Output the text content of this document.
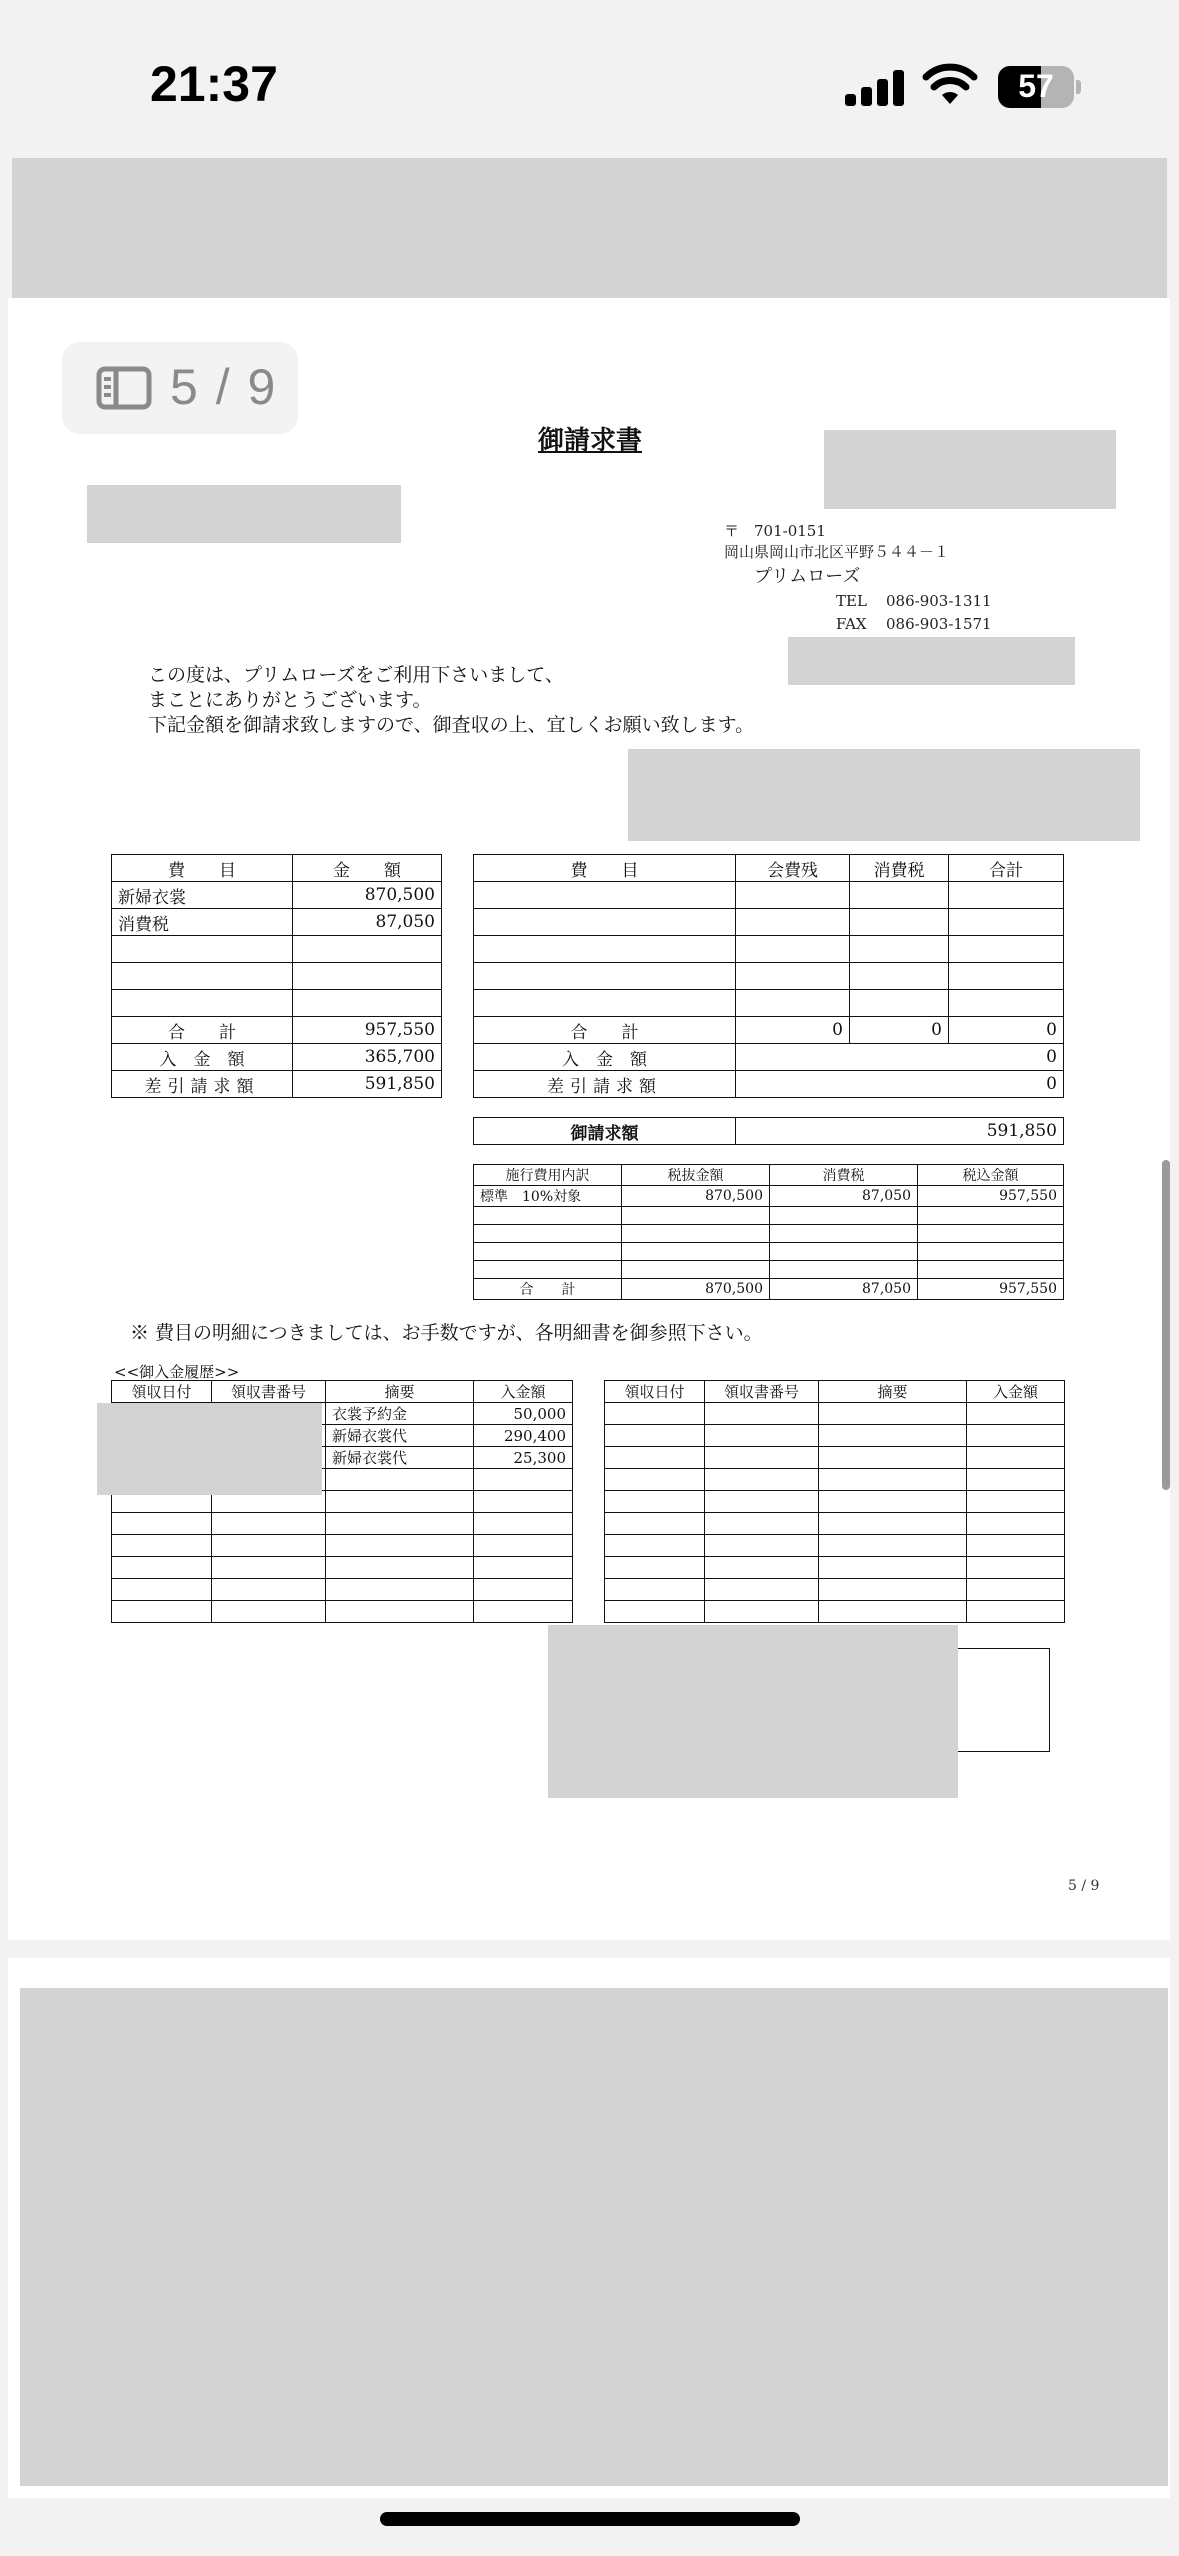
21:37	57
5 / 9
御請求書
〒　701-0151
岡山県岡山市北区平野５４４－１
プリムローズ
TEL 086-903-1311
FAX 086-903-1571
この度は、プリムローズをご利用下さいまして、
まことにありがとうございます。
下記金額を御請求致しますので、御査収の上、宜しくお願い致します。
費　　目	金　　額
新婦衣裳	870,500
消費税	87,050

合　　計	957,550
入　金　額	365,700
差引請求額	591,850
費　　目	会費残	消費税	合計

合　　計	0	0	0
入　金　額	0		
差引請求額	0		
御請求額	591,850
施行費用内訳	税抜金額	消費税	税込金額
標準　10%対象	870,500	87,050	957,550

合　　計	870,500	87,050	957,550
※ 費目の明細につきましては、お手数ですが、各明細書を御参照下さい。
<<御入金履歴>>
領収日付	領収書番号	摘要	入金額
		衣裳予約金	50,000
		新婦衣裳代	290,400
		新婦衣裳代	25,300

領収日付	領収書番号	摘要	入金額

5 / 9
